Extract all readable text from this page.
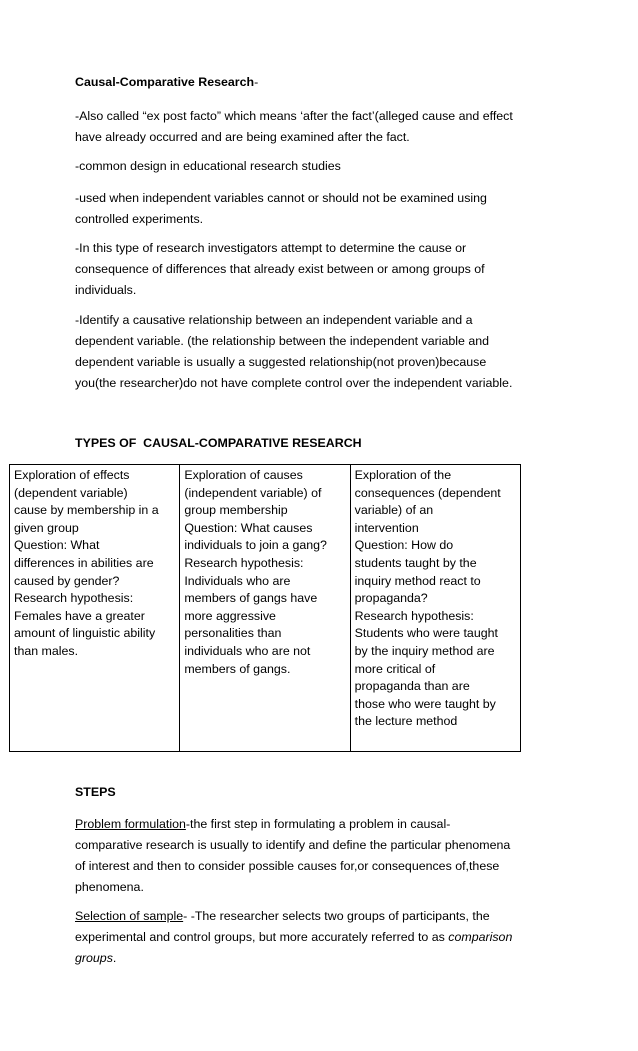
Causal-Comparative Research-

-Also called “ex post facto” which means ‘after the fact’(alleged cause and effect
have already occurred and are being examined after the fact.

-common design in educational research studies

-used when independent variables cannot or should not be examined using
controlled experiments.

-In this type of research investigators attempt to determine the cause or
consequence of differences that already exist between or among groups of
individuals.

-Identify a causative relationship between an independent variable and a
dependent variable. (the relationship between the independent variable and
dependent variable is usually a suggested relationship(not proven)because
you(the researcher)do not have complete control over the independent variable.

TYPES OF  CAUSAL-COMPARATIVE RESEARCH

Exploration of effects
(dependent variable)
cause by membership in a
given group
Question: What
differences in abilities are
caused by gender?
Research hypothesis:
Females have a greater
amount of linguistic ability
than males.

Exploration of causes
(independent variable) of
group membership
Question: What causes
individuals to join a gang?
Research hypothesis:
Individuals who are
members of gangs have
more aggressive
personalities than
individuals who are not
members of gangs.

Exploration of the
consequences (dependent
variable) of an
intervention
Question: How do
students taught by the
inquiry method react to
propaganda?
Research hypothesis:
Students who were taught
by the inquiry method are
more critical of
propaganda than are
those who were taught by
the lecture method

STEPS

Problem formulation-the first step in formulating a problem in causal-
comparative research is usually to identify and define the particular phenomena
of interest and then to consider possible causes for,or consequences of,these
phenomena.

Selection of sample- -The researcher selects two groups of participants, the
experimental and control groups, but more accurately referred to as comparison
groups.
